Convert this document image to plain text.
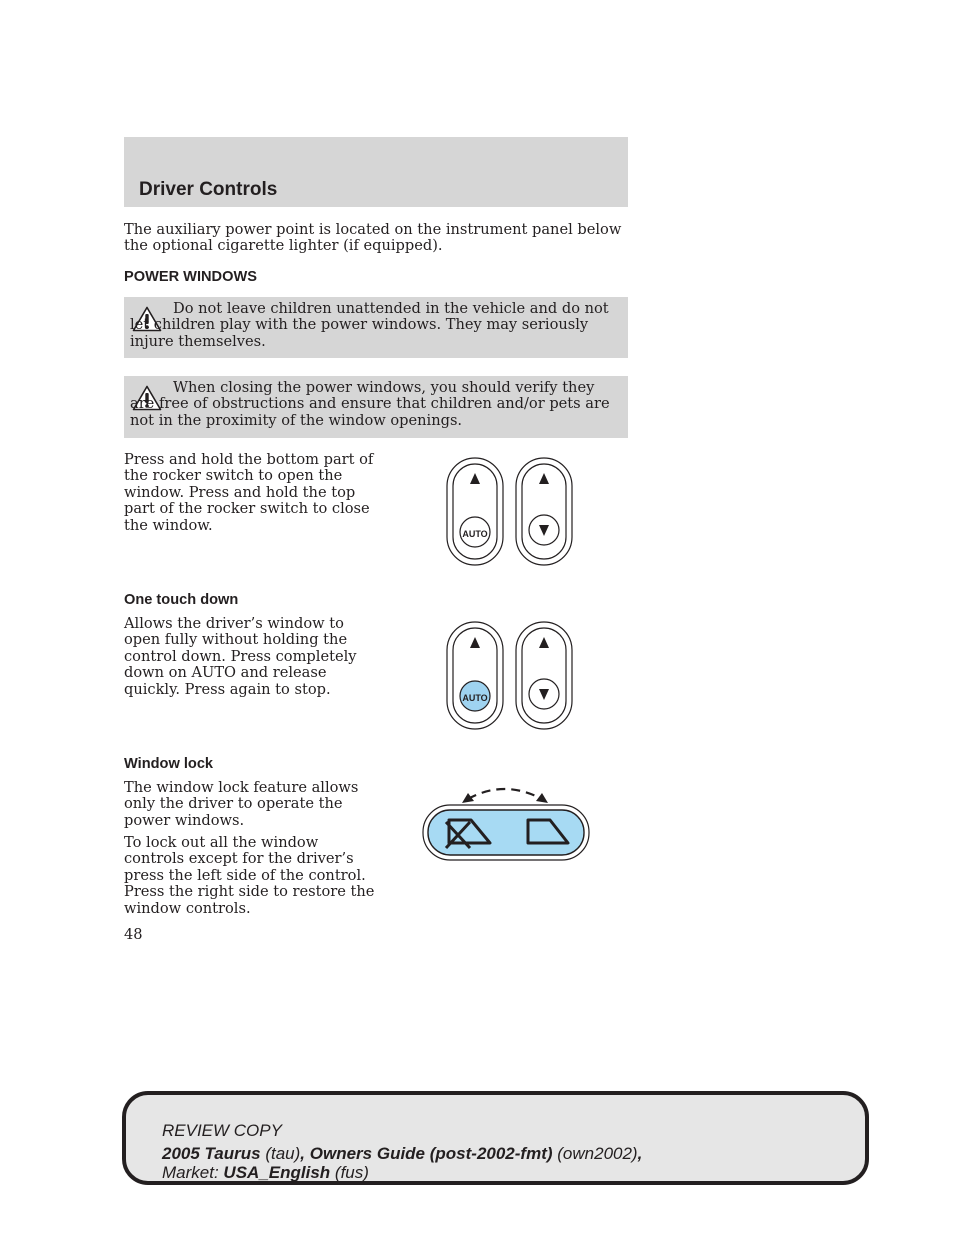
Driver Controls

The auxiliary power point is located on the instrument panel below the optional cigarette lighter (if equipped).

POWER WINDOWS

Do not leave children unattended in the vehicle and do not let children play with the power windows. They may seriously injure themselves.

When closing the power windows, you should verify they are free of obstructions and ensure that children and/or pets are not in the proximity of the window openings.

Press and hold the bottom part of the rocker switch to open the window. Press and hold the top part of the rocker switch to close the window.

AUTO
One touch down

Allows the driver’s window to open fully without holding the control down. Press completely down on AUTO and release quickly. Press again to stop.

AUTO
Window lock

The window lock feature allows only the driver to operate the power windows.

To lock out all the window controls except for the driver’s press the left side of the control. Press the right side to restore the window controls.

48
REVIEW COPY
2005 Taurus (tau), Owners Guide (post-2002-fmt) (own2002),
Market: USA_English (fus)
